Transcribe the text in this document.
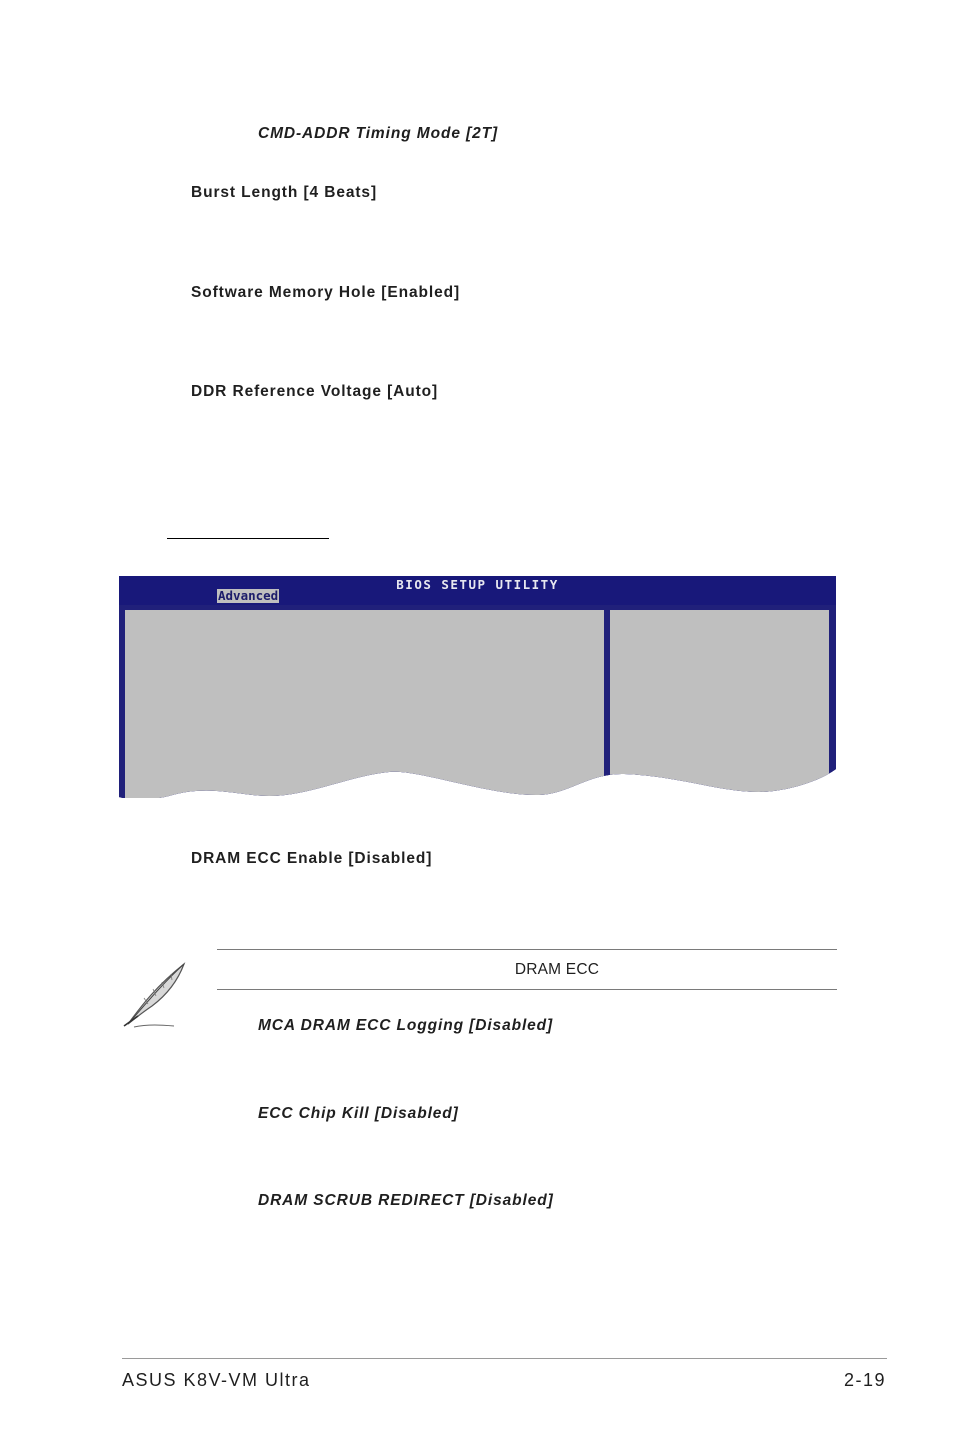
CMD-ADDR Timing Mode [2T]
Burst Length [4 Beats]
Software Memory Hole [Enabled]
DDR Reference Voltage [Auto]
BIOS SETUP UTILITY
Advanced
DRAM ECC Enable [Disabled]
DRAM ECC
MCA DRAM ECC Logging [Disabled]
ECC Chip Kill [Disabled]
DRAM SCRUB REDIRECT [Disabled]
ASUS K8V-VM Ultra	2-19
